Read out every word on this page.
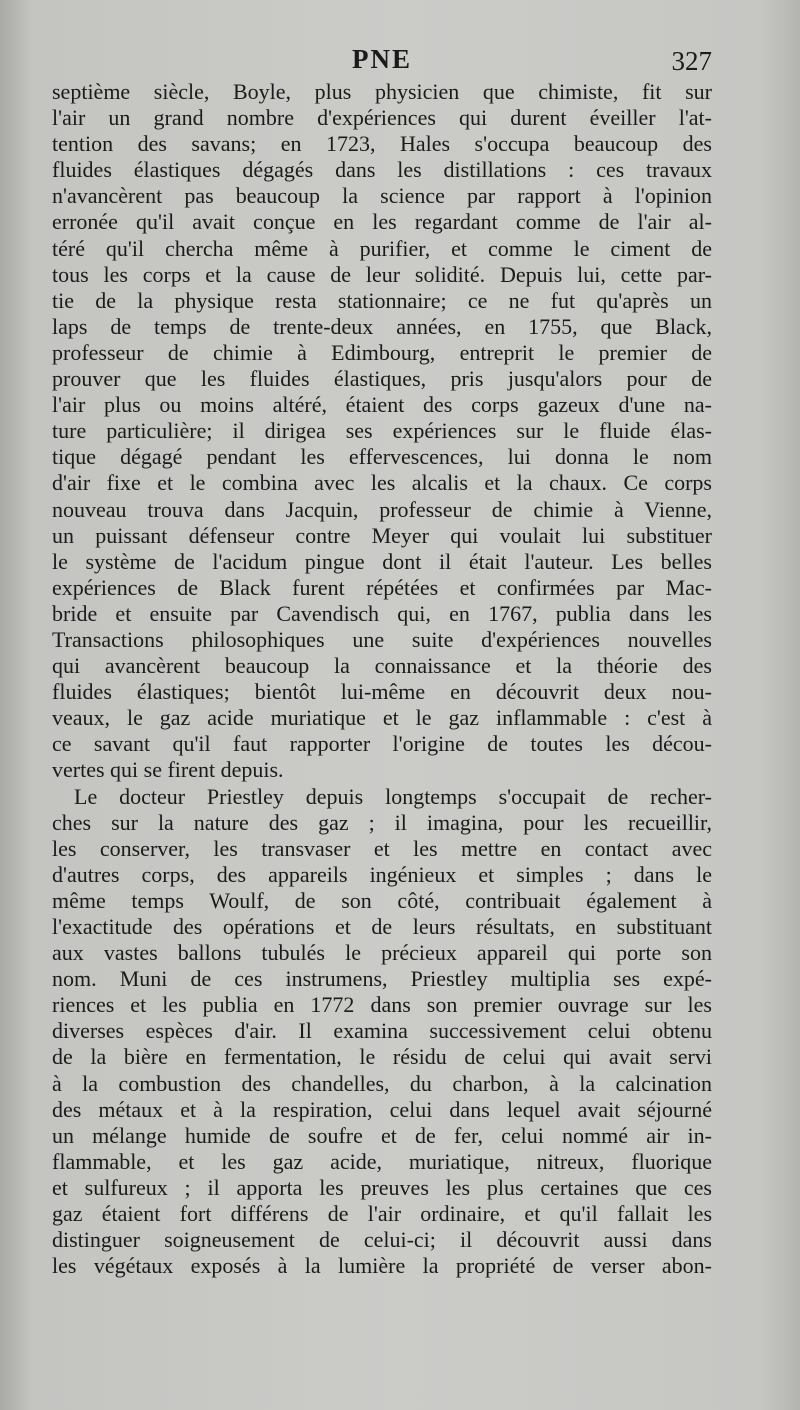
PNE	327
septième siècle, Boyle, plus physicien que chimiste, fit sur
l'air un grand nombre d'expériences qui durent éveiller l'at-
tention des savans; en 1723, Hales s'occupa beaucoup des
fluides élastiques dégagés dans les distillations : ces travaux
n'avancèrent pas beaucoup la science par rapport à l'opinion
erronée qu'il avait conçue en les regardant comme de l'air al-
téré qu'il chercha même à purifier, et comme le ciment de
tous les corps et la cause de leur solidité. Depuis lui, cette par-
tie de la physique resta stationnaire; ce ne fut qu'après un
laps de temps de trente-deux années, en 1755, que Black,
professeur de chimie à Edimbourg, entreprit le premier de
prouver que les fluides élastiques, pris jusqu'alors pour de
l'air plus ou moins altéré, étaient des corps gazeux d'une na-
ture particulière; il dirigea ses expériences sur le fluide élas-
tique dégagé pendant les effervescences, lui donna le nom
d'air fixe et le combina avec les alcalis et la chaux. Ce corps
nouveau trouva dans Jacquin, professeur de chimie à Vienne,
un puissant défenseur contre Meyer qui voulait lui substituer
le système de l'acidum pingue dont il était l'auteur. Les belles
expériences de Black furent répétées et confirmées par Mac-
bride et ensuite par Cavendisch qui, en 1767, publia dans les
Transactions philosophiques une suite d'expériences nouvelles
qui avancèrent beaucoup la connaissance et la théorie des
fluides élastiques; bientôt lui-même en découvrit deux nou-
veaux, le gaz acide muriatique et le gaz inflammable : c'est à
ce savant qu'il faut rapporter l'origine de toutes les décou-
vertes qui se firent depuis.
Le docteur Priestley depuis longtemps s'occupait de recher-
ches sur la nature des gaz ; il imagina, pour les recueillir,
les conserver, les transvaser et les mettre en contact avec
d'autres corps, des appareils ingénieux et simples ; dans le
même temps Woulf, de son côté, contribuait également à
l'exactitude des opérations et de leurs résultats, en substituant
aux vastes ballons tubulés le précieux appareil qui porte son
nom. Muni de ces instrumens, Priestley multiplia ses expé-
riences et les publia en 1772 dans son premier ouvrage sur les
diverses espèces d'air. Il examina successivement celui obtenu
de la bière en fermentation, le résidu de celui qui avait servi
à la combustion des chandelles, du charbon, à la calcination
des métaux et à la respiration, celui dans lequel avait séjourné
un mélange humide de soufre et de fer, celui nommé air in-
flammable, et les gaz acide, muriatique, nitreux, fluorique
et sulfureux ; il apporta les preuves les plus certaines que ces
gaz étaient fort différens de l'air ordinaire, et qu'il fallait les
distinguer soigneusement de celui-ci; il découvrit aussi dans
les végétaux exposés à la lumière la propriété de verser abon-
